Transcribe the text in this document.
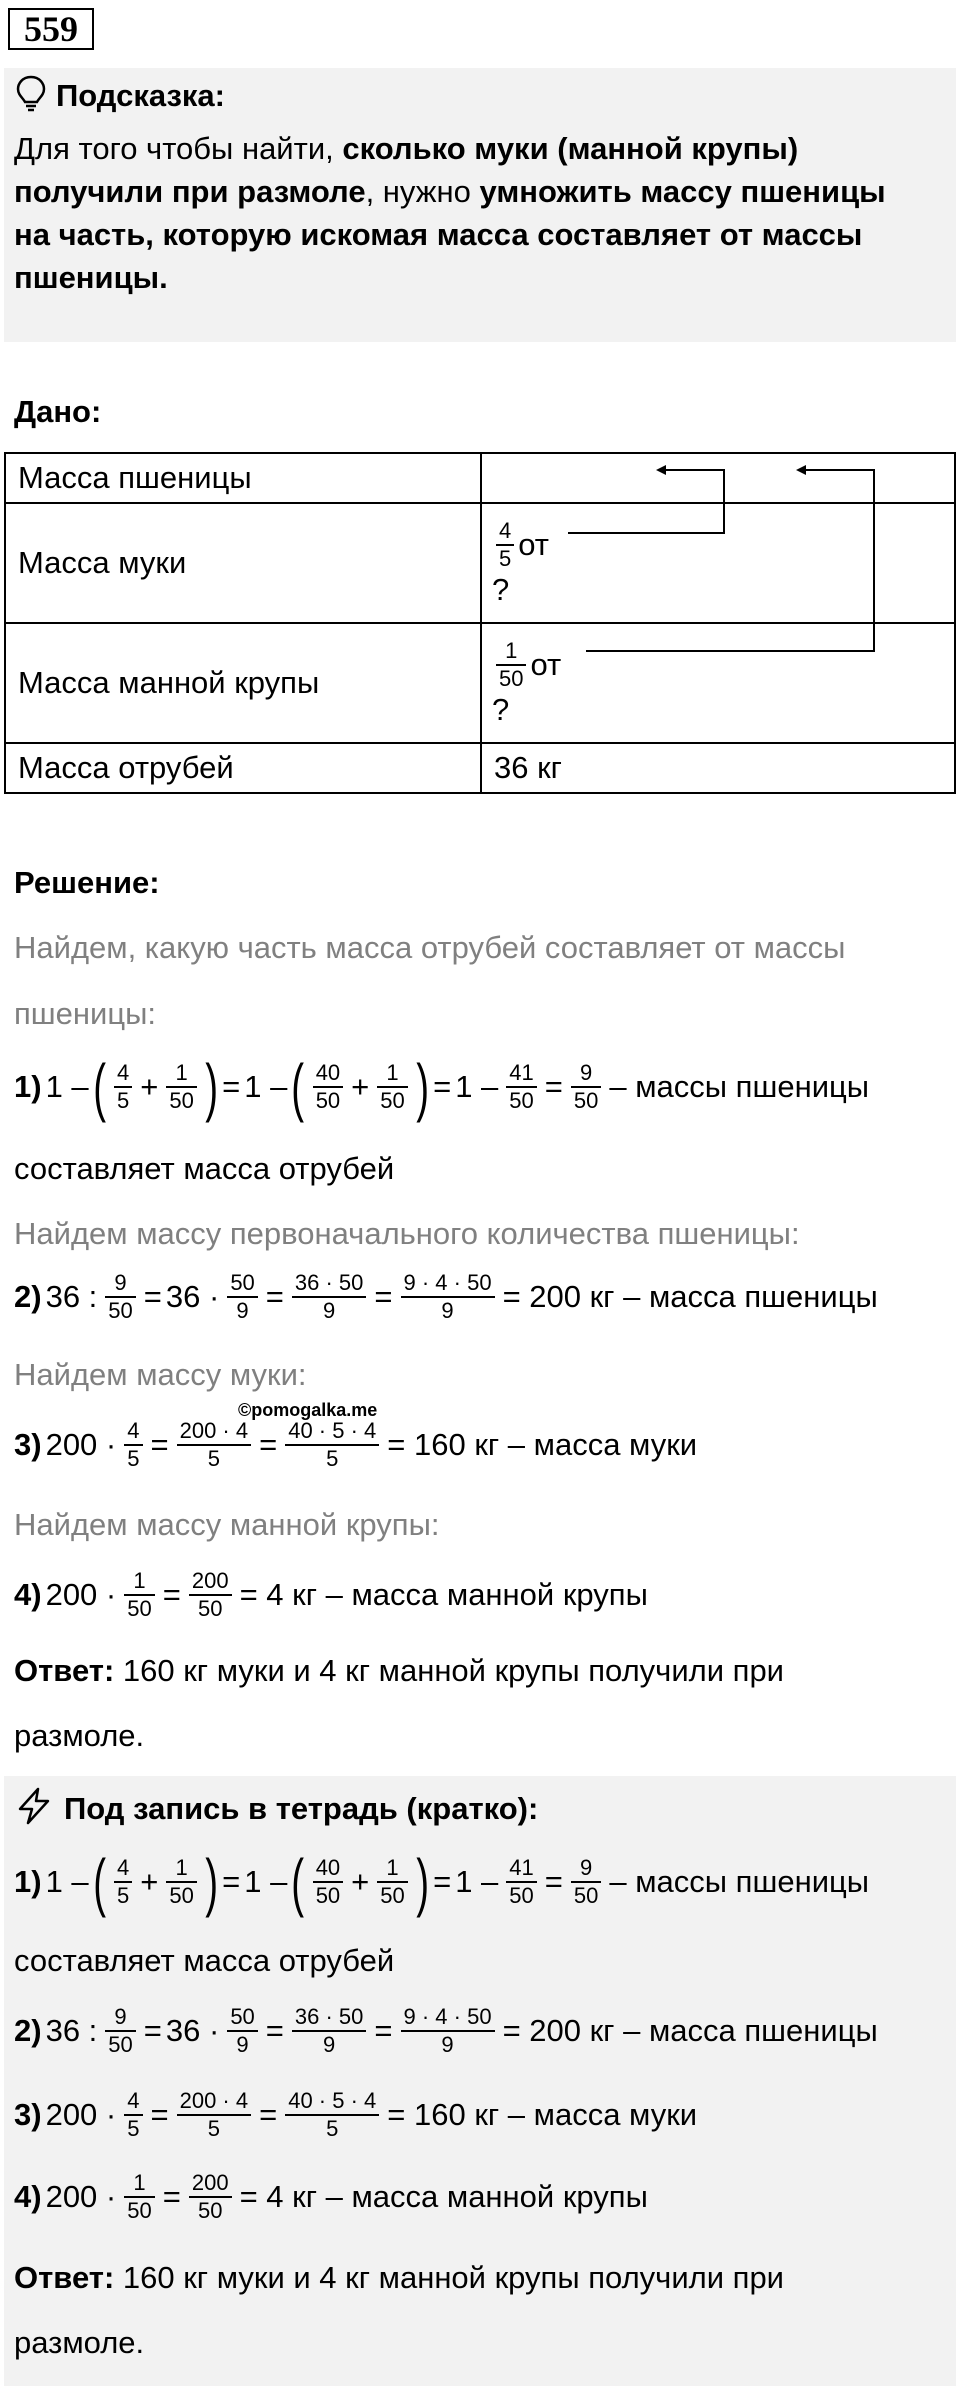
559
Подсказка:
Для того чтобы найти, сколько муки (манной крупы)
получили при размоле, нужно умножить массу пшеницы
на часть, которую искомая масса составляет от массы
пшеницы.
Дано:
Масса пшеницы	
Масса муки	$\frac{4}{5}$ от
?

Масса манной крупы	$\frac{1}{50}$ от
?

Масса отрубей	36 кг
Решение:
Найдем, какую часть масса отрубей составляет от массы
пшеницы:
1) 1 – ( $\frac{4}{5} + \frac{1}{50}$ ) = 1 – ( $\frac{40}{50} + \frac{1}{50}$ ) = $1 - \frac{41}{50} = \frac{9}{50}$ – массы пшеницы
составляет масса отрубей
Найдем массу первоначального количества пшеницы:
2) 36 : $\frac{9}{50} = 36 \cdot \frac{50}{9} = \frac{36 \cdot 50}{9} = \frac{9 \cdot 4 \cdot 50}{9} = 200$ кг – масса пшеницы
Найдем массу муки:
©pomogalka.me
3) $200 \cdot \frac{4}{5} = \frac{200 \cdot 4}{5} = \frac{40 \cdot 5 \cdot 4}{5} = 160$ кг – масса муки
Найдем массу манной крупы:
4) $200 \cdot \frac{1}{50} = \frac{200}{50} = 4$ кг – масса манной крупы
Ответ: 160 кг муки и 4 кг манной крупы получили при
размоле.
Под запись в тетрадь (кратко):
1) 1 – ( $\frac{4}{5} + \frac{1}{50}$ ) = 1 – ( $\frac{40}{50} + \frac{1}{50}$ ) = $1 - \frac{41}{50} = \frac{9}{50}$ – массы пшеницы
составляет масса отрубей
2) 36 : $\frac{9}{50} = 36 \cdot \frac{50}{9} = \frac{36 \cdot 50}{9} = \frac{9 \cdot 4 \cdot 50}{9} = 200$ кг – масса пшеницы
3) $200 \cdot \frac{4}{5} = \frac{200 \cdot 4}{5} = \frac{40 \cdot 5 \cdot 4}{5} = 160$ кг – масса муки
4) $200 \cdot \frac{1}{50} = \frac{200}{50} = 4$ кг – масса манной крупы
Ответ: 160 кг муки и 4 кг манной крупы получили при
размоле.
